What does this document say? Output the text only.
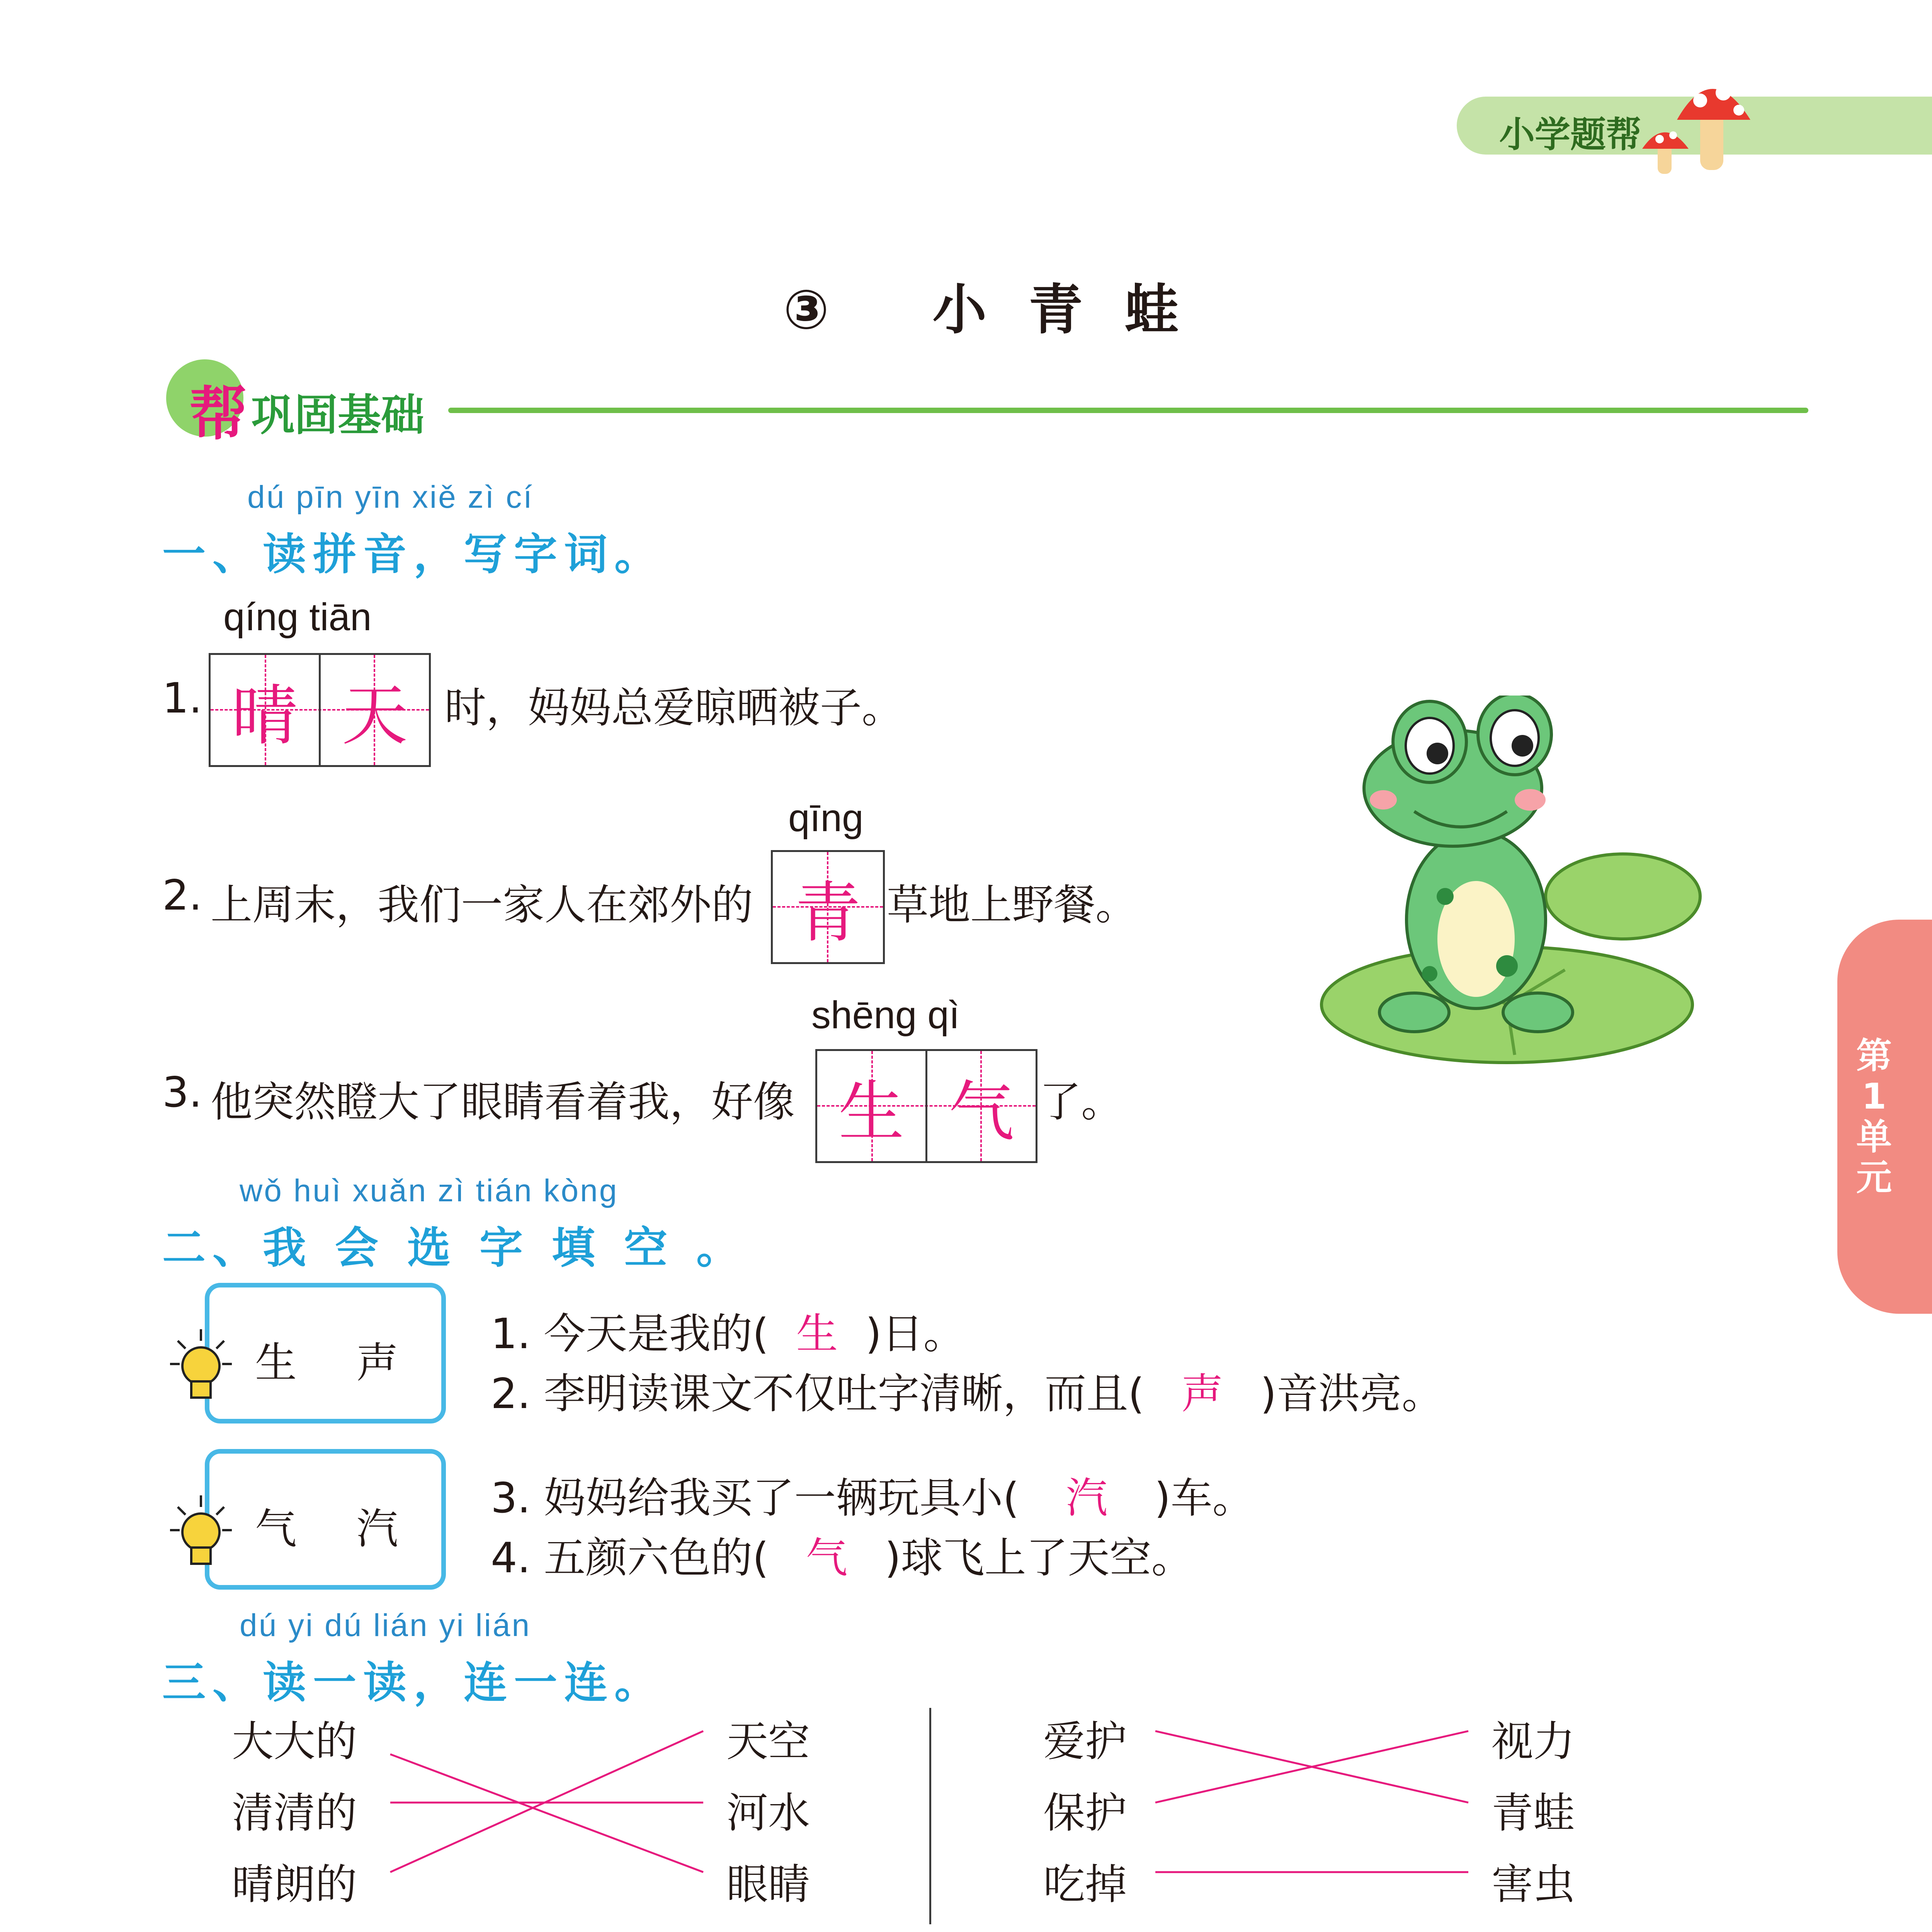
小学题帮
③ 小 青 蛙
帮 巩固基础
dú pīn yīn xiě zì cí
一、读拼音，写字词。
qíng tiān
1. 晴 天 时，妈妈总爱晾晒被子。
qīng
2. 上周末，我们一家人在郊外的 青 草地上野餐。
shēng qì
3. 他突然瞪大了眼睛看着我，好像 生 气 了。
第1单元
wǒ huì xuǎn zì tián kòng
二、我 会 选 字 填 空 。
生 声
1. 今天是我的( 生 )日。
2. 李明读课文不仅吐字清晰，而且( 声 )音洪亮。
气 汽
3. 妈妈给我买了一辆玩具小( 汽 )车。
4. 五颜六色的( 气 )球飞上了天空。
dú yi dú lián yi lián
三、读一读，连一连。
大大的
清清的
晴朗的
天空
河水
眼睛
爱护
保护
吃掉
视力
青蛙
害虫
